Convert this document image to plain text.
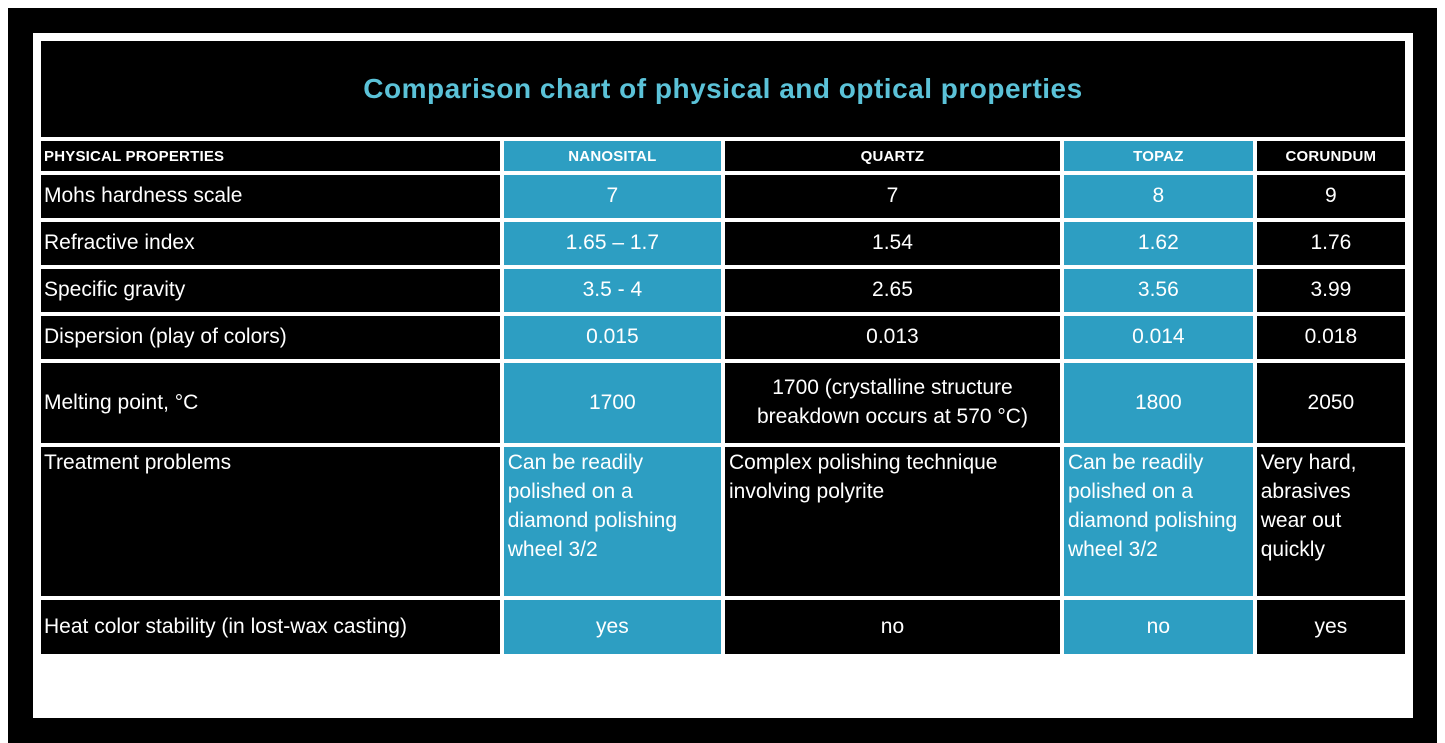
Comparison chart of physical and optical properties
PHYSICAL PROPERTIES	NANOSITAL	QUARTZ	TOPAZ	CORUNDUM
Mohs hardness scale	7	7	8	9
Refractive index	1.65 – 1.7	1.54	1.62	1.76
Specific gravity	3.5 - 4	2.65	3.56	3.99
Dispersion (play of colors)	0.015	0.013	0.014	0.018
Melting point, °C	1700	1700 (crystalline structure breakdown occurs at 570 °C)	1800	2050
Treatment problems	Can be readily polished on a diamond polishing wheel 3/2	Complex polishing technique involving polyrite	Can be readily polished on a diamond polishing wheel 3/2	Very hard, abrasives wear out quickly
Heat color stability (in lost-wax casting)	yes	no	no	yes
